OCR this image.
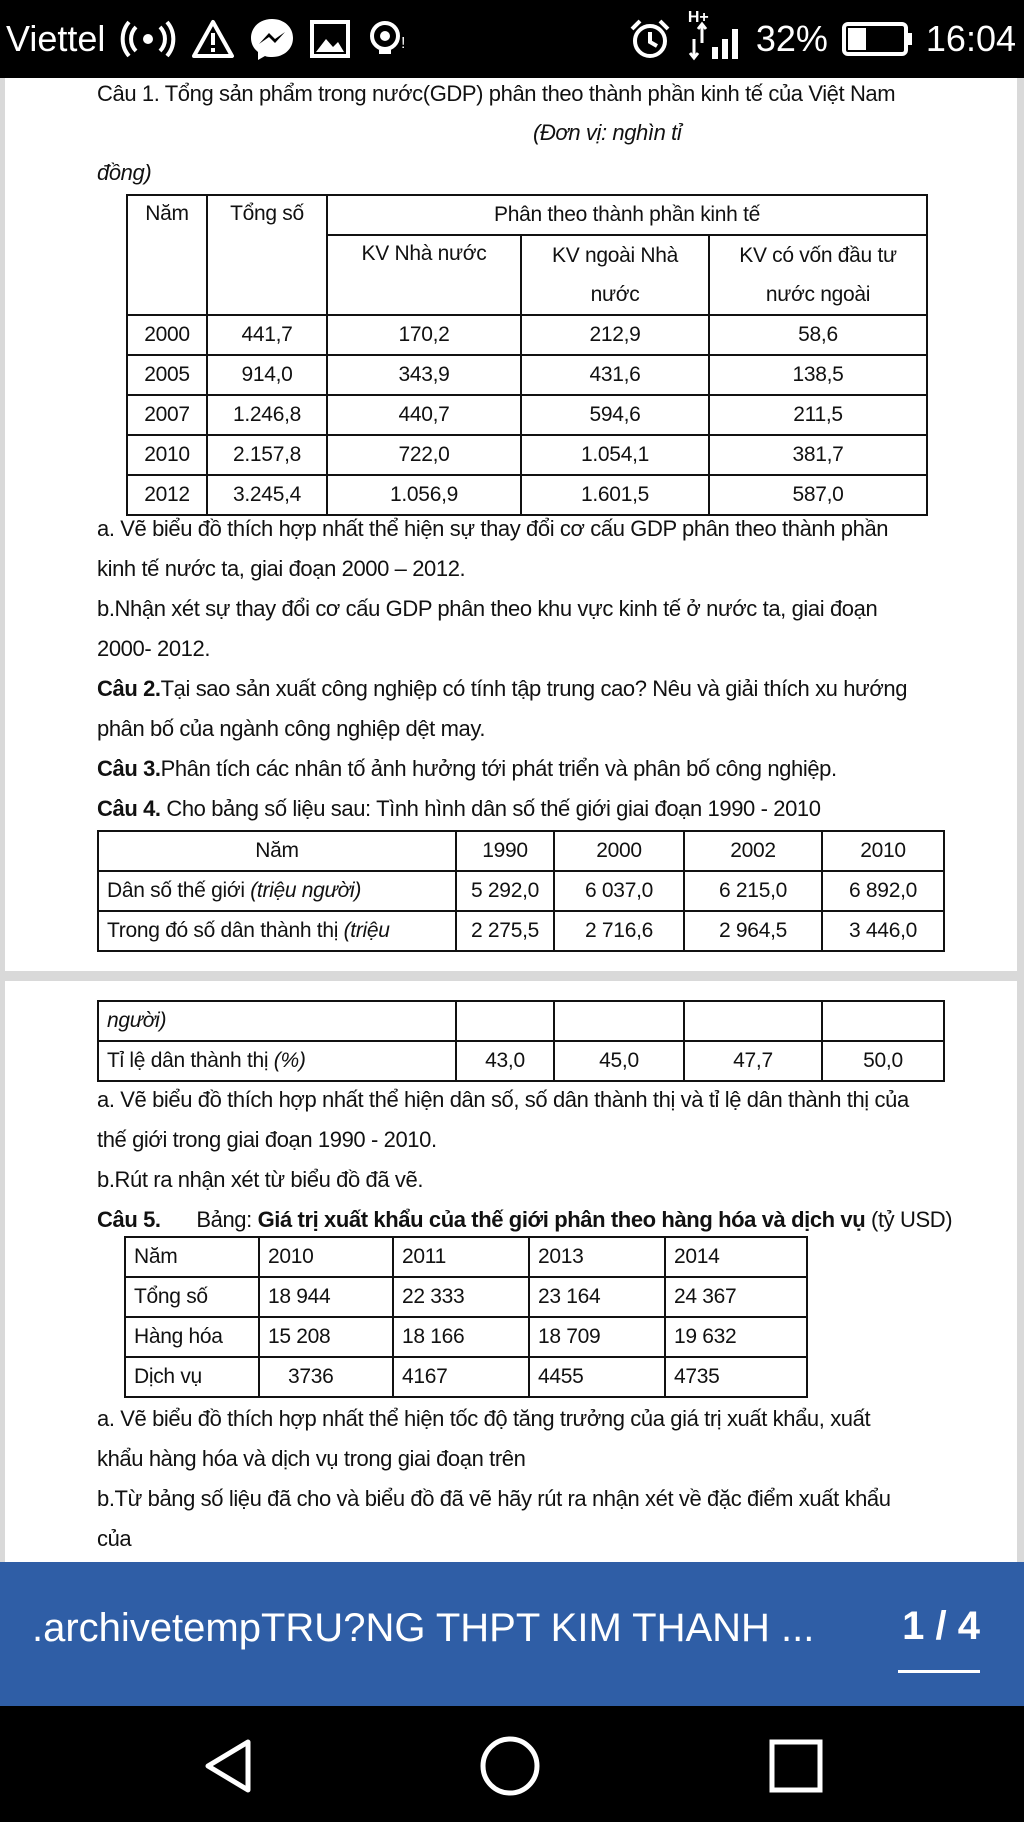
Viettel	!
H+
32%	16:04
Câu 1. Tổng sản phẩm trong nước(GDP) phân theo thành phần kinh tế của Việt Nam
(Đơn vị: nghìn tỉ
đồng)
Năm	Tổng số	Phân theo thành phần kinh tế		
		KV Nhà nước	KV ngoài Nhà	KV có vốn đầu tư
			nước	nước ngoài
2000	441,7	170,2	212,9	58,6
2005	914,0	343,9	431,6	138,5
2007	1.246,8	440,7	594,6	211,5
2010	2.157,8	722,0	1.054,1	381,7
2012	3.245,4	1.056,9	1.601,5	587,0
a. Vẽ biểu đồ thích hợp nhất thể hiện sự thay đổi cơ cấu GDP phân theo thành phần
kinh tế nước ta, giai đoạn 2000 – 2012.
b.Nhận xét sự thay đổi cơ cấu GDP phân theo khu vực kinh tế ở nước ta, giai đoạn
2000- 2012.
Câu 2.Tại sao sản xuất công nghiệp có tính tập trung cao? Nêu và giải thích xu hướng
phân bố của ngành công nghiệp dệt may.
Câu 3.Phân tích các nhân tố ảnh hưởng tới phát triển và phân bố công nghiệp.
Câu 4. Cho bảng số liệu sau: Tình hình dân số thế giới giai đoạn 1990 - 2010
Năm	1990	2000	2002	2010
Dân số thế giới (triệu người)	5 292,0	6 037,0	6 215,0	6 892,0
Trong đó số dân thành thị (triệu	2 275,5	2 716,6	2 964,5	3 446,0
người)				
Tỉ lệ dân thành thị (%)	43,0	45,0	47,7	50,0
a. Vẽ biểu đồ thích hợp nhất thể hiện dân số, số dân thành thị và tỉ lệ dân thành thị của
thế giới trong giai đoạn 1990 - 2010.
b.Rút ra nhận xét từ biểu đồ đã vẽ.
Câu 5. Bảng: Giá trị xuất khẩu của thế giới phân theo hàng hóa và dịch vụ (tỷ USD)
Năm	2010	2011	2013	2014
Tổng số	18 944	22 333	23 164	24 367
Hàng hóa	15 208	18 166	18 709	19 632
Dịch vụ	3736	4167	4455	4735
a. Vẽ biểu đồ thích hợp nhất thể hiện tốc độ tăng trưởng của giá trị xuất khẩu, xuất
khẩu hàng hóa và dịch vụ trong giai đoạn trên
b.Từ bảng số liệu đã cho và biểu đồ đã vẽ hãy rút ra nhận xét về đặc điểm xuất khẩu
của
.archivetempTRU?NG THPT KIM THANH ... 1 / 4
